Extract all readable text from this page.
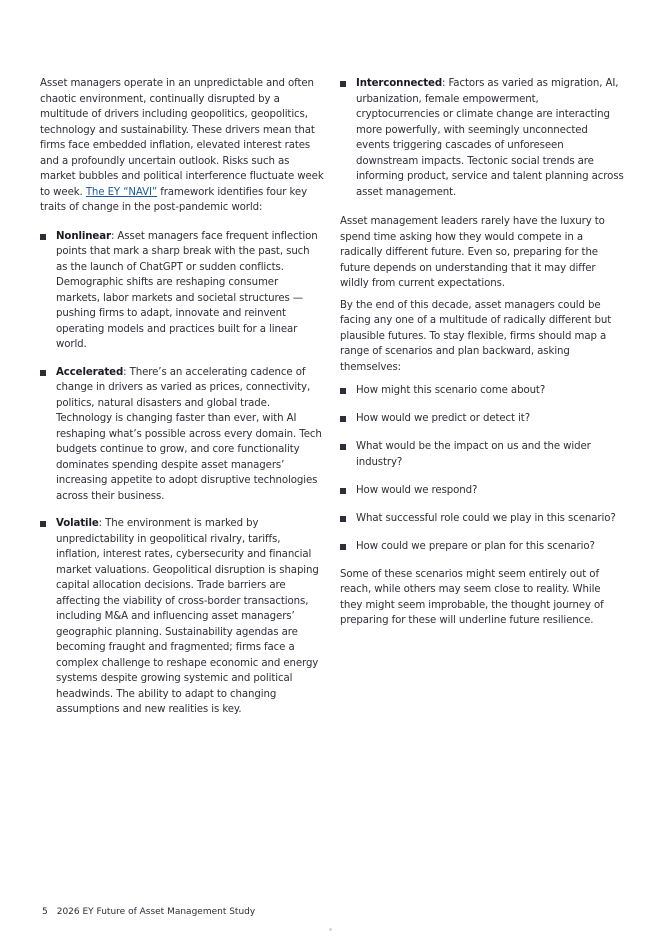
Asset managers operate in an unpredictable and often chaotic environment, continually disrupted by a multitude of drivers including geopolitics, geopolitics, technology and sustainability. These drivers mean that firms face embedded inflation, elevated interest rates and a profoundly uncertain outlook. Risks such as market bubbles and political interference fluctuate week to week. The EY “NAVI” framework identifies four key traits of change in the post-pandemic world:

Nonlinear: Asset managers face frequent inflection points that mark a sharp break with the past, such as the launch of ChatGPT or sudden conflicts. Demographic shifts are reshaping consumer markets, labor markets and societal structures — pushing firms to adapt, innovate and reinvent operating models and practices built for a linear world.
Accelerated: There’s an accelerating cadence of change in drivers as varied as prices, connectivity, politics, natural disasters and global trade. Technology is changing faster than ever, with AI reshaping what’s possible across every domain. Tech budgets continue to grow, and core functionality dominates spending despite asset managers’ increasing appetite to adopt disruptive technologies across their business.
Volatile: The environment is marked by unpredictability in geopolitical rivalry, tariffs, inflation, interest rates, cybersecurity and financial market valuations. Geopolitical disruption is shaping capital allocation decisions. Trade barriers are affecting the viability of cross-border transactions, including M&A and influencing asset managers’ geographic planning. Sustainability agendas are becoming fraught and fragmented; firms face a complex challenge to reshape economic and energy systems despite growing systemic and political headwinds. The ability to adapt to changing assumptions and new realities is key.
Interconnected: Factors as varied as migration, AI, urbanization, female empowerment, cryptocurrencies or climate change are interacting more powerfully, with seemingly unconnected events triggering cascades of unforeseen downstream impacts. Tectonic social trends are informing product, service and talent planning across asset management.

Asset management leaders rarely have the luxury to spend time asking how they would compete in a radically different future. Even so, preparing for the future depends on understanding that it may differ wildly from current expectations.

By the end of this decade, asset managers could be facing any one of a multitude of radically different but plausible futures. To stay flexible, firms should map a range of scenarios and plan backward, asking themselves:

How might this scenario come about?
How would we predict or detect it?
What would be the impact on us and the wider industry?
How would we respond?
What successful role could we play in this scenario?
How could we prepare or plan for this scenario?

Some of these scenarios might seem entirely out of reach, while others may seem close to reality. While they might seem improbable, the thought journey of preparing for these will underline future resilience.

5 2026 EY Future of Asset Management Study
